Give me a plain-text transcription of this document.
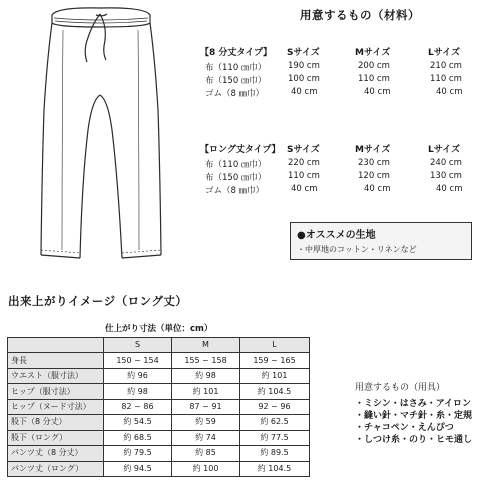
用意するもの（材料）
【8 分丈タイプ】 Sサイズ	Mサイズ	Lサイズ
布（110 ㎝巾）	190 cm	200 cm	210 cm
布（150 ㎝巾）	100 cm	110 cm	110 cm
ゴム（8 ㎜巾）	40 cm	40 cm	40 cm
【ロング丈タイプ】 Sサイズ	Mサイズ	Lサイズ
布（110 ㎝巾）	220 cm	230 cm	240 cm
布（150 ㎝巾）	110 cm	120 cm	130 cm
ゴム（8 ㎜巾）	40 cm	40 cm	40 cm
●オススメの生地
・中厚地のコットン・リネンなど
出来上がりイメージ（ロング丈）
仕上がり寸法（単位：cm）
	S	M	L
身長	150 ~ 154	155 ~ 158	159 ~ 165
ウエスト（服寸法）	約 96	約 98	約 101
ヒップ（服寸法）	約 98	約 101	約 104.5
ヒップ（ヌード寸法）	82 ~ 86	87 ~ 91	92 ~ 96
股下（8 分丈）	約 54.5	約 59	約 62.5
股下（ロング）	約 68.5	約 74	約 77.5
パンツ丈（8 分丈）	約 79.5	約 85	約 89.5
パンツ丈（ロング）	約 94.5	約 100	約 104.5
用意するもの（用具）
・ミシン・はさみ・アイロン
・縫い針・マチ針・糸・定規
・チャコペン・えんぴつ
・しつけ糸・のり・ヒモ通し
